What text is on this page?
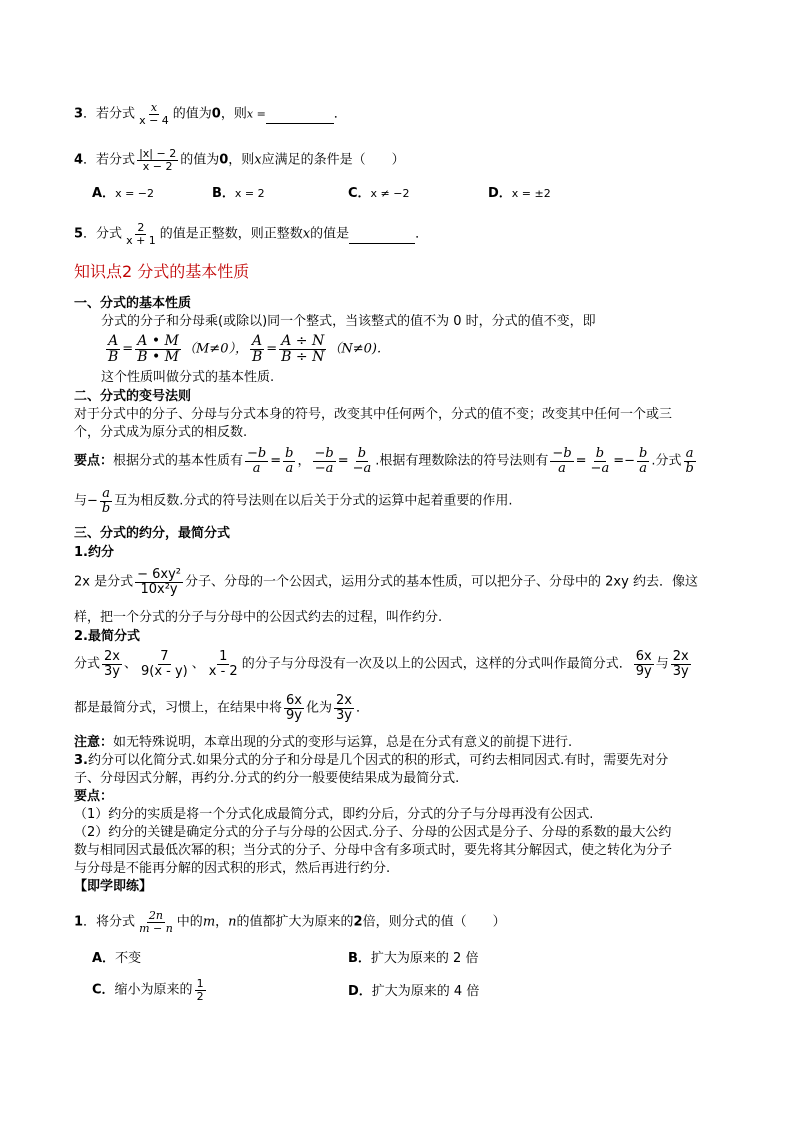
3．若分式 $\frac{x}{x - 4}$ 的值为0，则x =	．
4．若分式 $\frac{|x| - 2}{x - 2}$ 的值为0，则x应满足的条件是（　　）
A．x = −2	B．x = 2	C．x ≠ −2	D．x = ±2
5．分式 $\frac{2}{x + 1}$ 的值是正整数，则正整数x的值是	．
知识点2 分式的基本性质
一、分式的基本性质
分式的分子和分母乘(或除以)同一个整式，当该整式的值不为 0 时，分式的值不变，即
$\frac{A}{B} = \frac{A • M}{B • M} (M\ne 0)$， $\frac{A}{B} = \frac{A \div N}{B \div N} (N\ne 0)$.
这个性质叫做分式的基本性质.
二、分式的变号法则
对于分式中的分子、分母与分式本身的符号，改变其中任何两个，分式的值不变；改变其中任何一个或三
个，分式成为原分式的相反数.
要点：根据分式的基本性质有 $\frac{-b}{a} = \frac{b}{a}$ ， $\frac{-b}{-a} = \frac{b}{-a}$ .根据有理数除法的符号法则有 $\frac{-b}{a} = \frac{b}{-a} =- \frac{b}{a}$ .分式 $\frac{a}{b}$
与− $\frac{a}{b}$ 互为相反数.分式的符号法则在以后关于分式的运算中起着重要的作用.
三、分式的约分，最简分式
1.约分
2x 是分式 $\frac{\text{− 6xy²}}{\text{10x²y}}$ 分子、分母的一个公因式，运用分式的基本性质，可以把分子、分母中的 2xy 约去．像这
样，把一个分式的分子与分母中的公因式约去的过程，叫作约分.
2.最简分式
分式 $\frac{2x}{3y}$ 、 $\frac{7}{9(x - y)}$ 、 $\frac{1}{x - 2}$ 的分子与分母没有一次及以上的公因式，这样的分式叫作最简分式． $\frac{6x}{9y}$ 与 $\frac{2x}{3y}$
都是最简分式，习惯上，在结果中将 $\frac{6x}{9y}$ 化为 $\frac{2x}{3y}$ ．
注意：如无特殊说明，本章出现的分式的变形与运算，总是在分式有意义的前提下进行.
3.约分可以化简分式.如果分式的分子和分母是几个因式的积的形式，可约去相同因式.有时，需要先对分
子、分母因式分解，再约分.分式的约分一般要使结果成为最简分式.
要点：
（1）约分的实质是将一个分式化成最简分式，即约分后，分式的分子与分母再没有公因式.
（2）约分的关键是确定分式的分子与分母的公因式.分子、分母的公因式是分子、分母的系数的最大公约
数与相同因式最低次幂的积；当分式的分子、分母中含有多项式时，要先将其分解因式，使之转化为分子
与分母是不能再分解的因式积的形式，然后再进行约分.
【即学即练】
1．将分式 $\frac{2n}{m - n}$ 中的m，n的值都扩大为原来的2倍，则分式的值（　　）
A．不变	B．扩大为原来的 2 倍
C．缩小为原来的 $\frac{1}{2}$	D．扩大为原来的 4 倍
